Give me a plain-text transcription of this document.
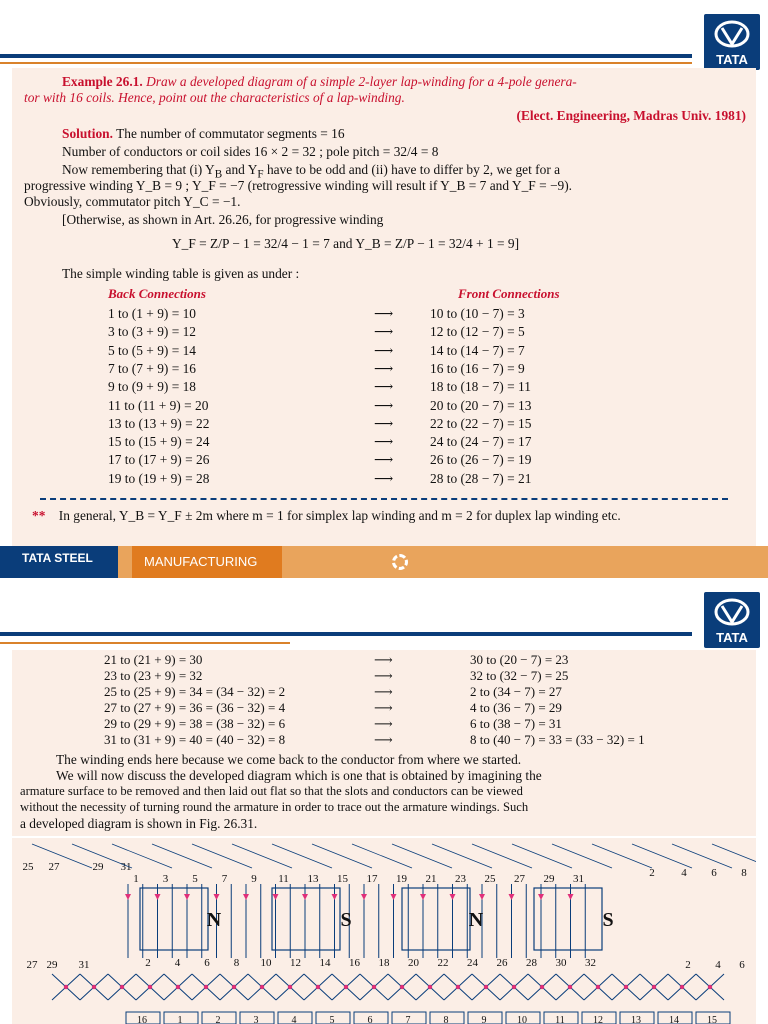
TATA
Example 26.1. Draw a developed diagram of a simple 2-layer lap-winding for a 4-pole genera-
tor with 16 coils. Hence, point out the characteristics of a lap-winding.
(Elect. Engineering, Madras Univ. 1981)
Solution. The number of commutator segments = 16
Number of conductors or coil sides 16 × 2 = 32 ; pole pitch = 32/4 = 8
Now remembering that (i) $Y_B$ and $Y_F$ have to be odd and (ii) have to differ by 2, we get for a
progressive winding Y_B = 9 ; Y_F = −7 (retrogressive winding will result if Y_B = 7 and Y_F = −9).
Obviously, commutator pitch Y_C = −1.
[Otherwise, as shown in Art. 26.26, for progressive winding
Y_F = Z/P − 1 = 32/4 − 1 = 7 and Y_B = Z/P − 1 = 32/4 + 1 = 9]
The simple winding table is given as under :
Back Connections	Front Connections
1 to (1 + 9) = 10	⟶	10 to (10 − 7) = 3
3 to (3 + 9) = 12	⟶	12 to (12 − 7) = 5
5 to (5 + 9) = 14	⟶	14 to (14 − 7) = 7
7 to (7 + 9) = 16	⟶	16 to (16 − 7) = 9
9 to (9 + 9) = 18	⟶	18 to (18 − 7) = 11
11 to (11 + 9) = 20	⟶	20 to (20 − 7) = 13
13 to (13 + 9) = 22	⟶	22 to (22 − 7) = 15
15 to (15 + 9) = 24	⟶	24 to (24 − 7) = 17
17 to (17 + 9) = 26	⟶	26 to (26 − 7) = 19
19 to (19 + 9) = 28	⟶	28 to (28 − 7) = 21
** In general, Y_B = Y_F ± 2m where m = 1 for simplex lap winding and m = 2 for duplex lap winding etc.
TATA STEEL	MANUFACTURING
TATA
21 to (21 + 9) = 30	⟶	30 to (20 − 7) = 23
23 to (23 + 9) = 32	⟶	32 to (32 − 7) = 25
25 to (25 + 9) = 34 = (34 − 32) = 2	⟶	2 to (34 − 7) = 27
27 to (27 + 9) = 36 = (36 − 32) = 4	⟶	4 to (36 − 7) = 29
29 to (29 + 9) = 38 = (38 − 32) = 6	⟶	6 to (38 − 7) = 31
31 to (31 + 9) = 40 = (40 − 32) = 8	⟶	8 to (40 − 7) = 33 = (33 − 32) = 1
The winding ends here because we come back to the conductor from where we started.
We will now discuss the developed diagram which is one that is obtained by imagining the
armature surface to be removed and then laid out flat so that the slots and conductors can be viewed
without the necessity of turning round the armature in order to trace out the armature windings. Such
a developed diagram is shown in Fig. 26.31.
1 3 5 7 9 11 13 15 17 19 21 23 25 27 29 31
25 27	29 31	2 4 6 8
N	S	N	S
2 4 6 8 10 12 14 16 18 20 22 24 26 28 30 32
27 29 31	2 4 6
16	1	2	3	4	5	6	7	8	9	10	11	12	13	14	15
